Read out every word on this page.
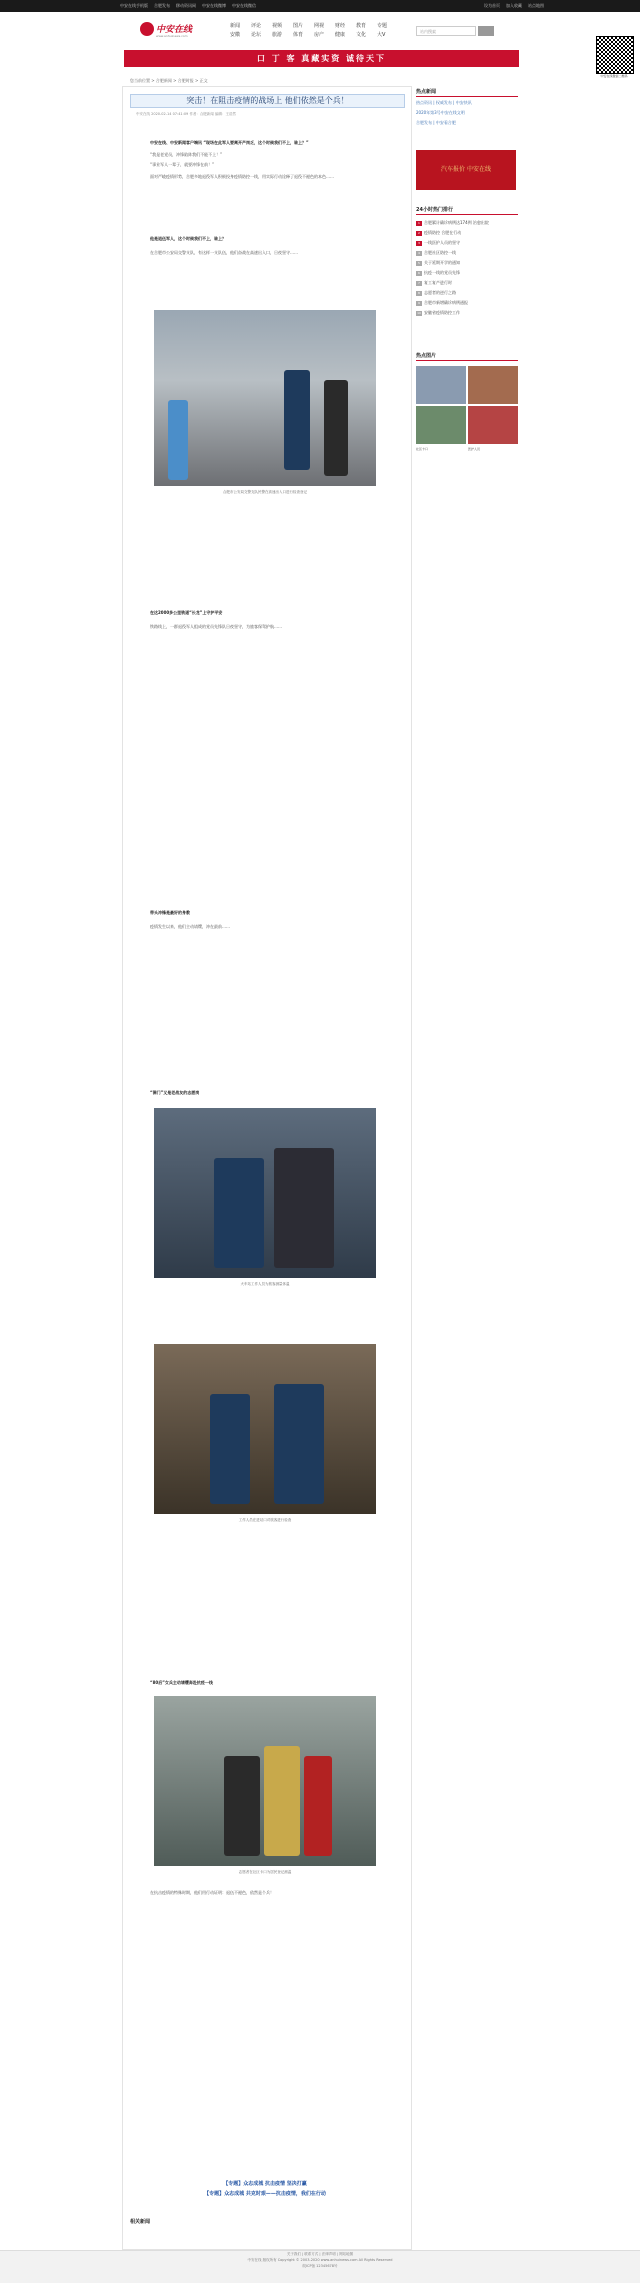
中安在线手机版 合肥发布 移动资讯网 中安在线微博 中安在线微信	设为首页 加入收藏 站点地图
中安在线
www.anhuinews.com
新闻	评论	视频	图片	网视	财经	教育	专题
安徽	论坛	旅游	体育	房产	健康	文化	大V
站内搜索
口 丁 客 真藏实资 诚待天下
中安在线微信二维码
您当前位置 > 合肥新闻 > 合肥时报 > 正文
突击！在阻击疫情的战场上 他们依然是个兵！
中安在线 2020-02-14 07:41:09 作者：合肥新闻 编辑：王浩然
中安在线、中安新闻客户端讯 “现场在此军人要离开产岗乏，这个时候我们不上，谁上？”
“我是老党员，冲锋陷阵我们不能不上！”
“事业军人一辈子，就要冲锋在前！”
面对严峻疫情形势，合肥多地退役军人积极投身疫情防控一线，用实际行动诠释了退役不褪色的本色……
他是退伍军人，这个时候我们不上，谁上？
在合肥市公安局交警支队，有这样一支队伍，他们奋战在高速出入口，日夜坚守……
合肥市公安局交警支队民警在高速出入口进行检查登记
在这2000多公里铁道“长龙”上守护平安
铁路线上，一群退役军人组成的党员先锋队日夜坚守，为旅客保驾护航……
带头冲锋是最好的身教
疫情发生以来，他们主动请缨，冲在最前……
“满门”又是老战友的志愿岗
火车站工作人员为旅客测量体温
工作人员在进站口对旅客进行检查
“80后”女兵主动请缨奔赴抗疫一线
志愿者在社区卡口为居民登记测温
在抗击疫情的特殊时期，他们用行动证明：退伍不褪色，依然是个兵！
【专题】众志成城 抗击疫情 坚决打赢
【专题】众志成城 共克时艰——抗击疫情，我们在行动
相关新闻
热点新闻
热点资讯 | 权威发布 | 中安快讯
2020年第3号中安在线文明
合肥发布 | 中安看合肥
汽车报价 中安在线
24小时热门排行
1 合肥累计确诊病例达174例 治愈出院
2 疫情防控 合肥在行动
3 一线医护人员的坚守
4 合肥社区防控一线
5 关于延期开学的通知
6 抗疫一线的党员先锋
7 复工复产进行时
8 志愿者的逆行之路
9 合肥市新增确诊病例通报
10 安徽省疫情防控工作
热点图片
社区卡口	医护人员
关于我们 | 联系方式 | 法律声明 | 网站地图
中安在线 版权所有 Copyright © 2003-2020 www.anhuinews.com All Rights Reserved
皖ICP备 12345678号
